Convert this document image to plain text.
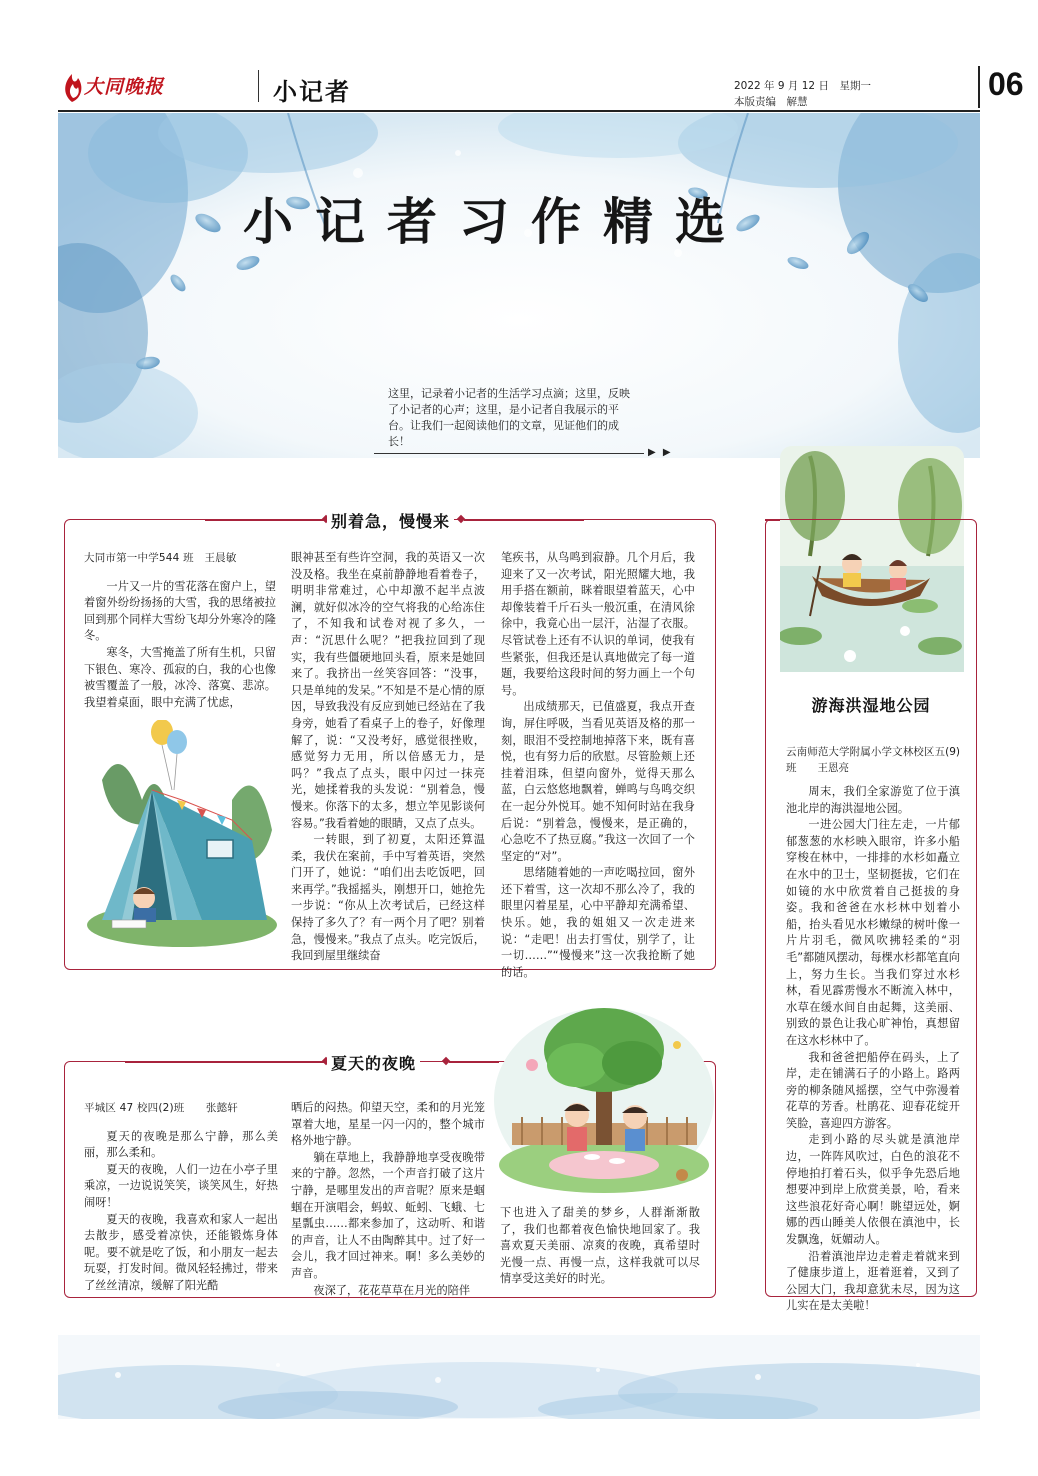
大同晚报	小记者	2022 年 9 月 12 日　星期一
本版责编　解慧	06
小记者习作精选
这里，记录着小记者的生活学习点滴；这里，反映了小记者的心声；这里，是小记者自我展示的平台。让我们一起阅读他们的文章，见证他们的成长！
▶ ▶
别着急，慢慢来
大同市第一中学544 班　王晨敏

一片又一片的雪花落在窗户上，望着窗外纷纷扬扬的大雪，我的思绪被拉回到那个同样大雪纷飞却分外寒冷的隆冬。

寒冬，大雪掩盖了所有生机，只留下银色、寒冷、孤寂的白，我的心也像被雪覆盖了一般，冰冷、落寞、悲凉。我望着桌面，眼中充满了忧虑，

眼神甚至有些许空洞，我的英语又一次没及格。我坐在桌前静静地看着卷子，明明非常难过，心中却激不起半点波澜，就好似冰冷的空气将我的心给冻住了，不知我和试卷对视了多久，一声：“沉思什么呢？”把我拉回到了现实，我有些僵硬地回头看，原来是她回来了。我挤出一丝笑容回答：“没事，只是单纯的发呆。”不知是不是心情的原因，导致我没有反应到她已经站在了我身旁，她看了看桌子上的卷子，好像理解了，说：“又没考好，感觉很挫败，感觉努力无用，所以倍感无力，是吗？”我点了点头，眼中闪过一抹亮光，她揉着我的头发说：“别着急，慢慢来。你落下的太多，想立竿见影谈何容易。”我看着她的眼睛，又点了点头。

一转眼，到了初夏，太阳还算温柔，我伏在案前，手中写着英语，突然门开了，她说：“咱们出去吃饭吧，回来再学。”我摇摇头，刚想开口，她抢先一步说：“你从上次考试后，已经这样保持了多久了？有一两个月了吧？别着急，慢慢来。”我点了点头。吃完饭后，我回到屋里继续奋

笔疾书，从鸟鸣到寂静。几个月后，我迎来了又一次考试，阳光照耀大地，我用手搭在额前，眯着眼望着蓝天，心中却像装着千斤石头一般沉重，在清风徐徐中，我竟心出一层汗，沾湿了衣服。尽管试卷上还有不认识的单词，使我有些紧张，但我还是认真地做完了每一道题，我要给这段时间的努力画上一个句号。

出成绩那天，已值盛夏，我点开查询，屏住呼吸，当看见英语及格的那一刻，眼泪不受控制地掉落下来，既有喜悦，也有努力后的欣慰。尽管脸颊上还挂着泪珠，但望向窗外，觉得天那么蓝，白云悠悠地飘着，蝉鸣与鸟鸣交织在一起分外悦耳。她不知何时站在我身后说：“别着急，慢慢来，是正确的，心急吃不了热豆腐。”我这一次回了一个坚定的“对”。

思绪随着她的一声吃喝拉回，窗外还下着雪，这一次却不那么冷了，我的眼里闪着星星，心中平静却充满希望、快乐。她，我的姐姐又一次走进来说：“走吧！出去打雪仗，别学了，让一切……”“慢慢来”这一次我抢断了她的话。

夏天的夜晚
平城区 47 校四(2)班　　张懿轩

夏天的夜晚是那么宁静，那么美丽，那么柔和。

夏天的夜晚，人们一边在小亭子里乘凉，一边说说笑笑，谈笑风生，好热闹呀！

夏天的夜晚，我喜欢和家人一起出去散步，感受着凉快，还能锻炼身体呢。要不就是吃了饭，和小朋友一起去玩耍，打发时间。微风轻轻拂过，带来了丝丝清凉，缓解了阳光酷

晒后的闷热。仰望天空，柔和的月光笼罩着大地，星星一闪一闪的，整个城市格外地宁静。

躺在草地上，我静静地享受夜晚带来的宁静。忽然，一个声音打破了这片宁静，是哪里发出的声音呢？原来是蝈蝈在开演唱会，蚂蚁、蚯蚓、飞蛾、七星瓢虫……都来参加了，这动听、和谐的声音，让人不由陶醉其中。过了好一会儿，我才回过神来。啊！多么美妙的声音。

夜深了，花花草草在月光的陪伴

下也进入了甜美的梦乡，人群渐渐散了，我们也都着夜色愉快地回家了。我喜欢夏天美丽、凉爽的夜晚，真希望时光慢一点、再慢一点，这样我就可以尽情享受这美好的时光。

游海洪湿地公园
云南师范大学附属小学文林校区五(9)班　　王恩亮

周末，我们全家游览了位于滇池北岸的海洪湿地公园。

一进公园大门往左走，一片郁郁葱葱的水杉映入眼帘，许多小船穿梭在林中，一排排的水杉如矗立在水中的卫士，坚韧挺拔，它们在如镜的水中欣赏着自己挺拔的身姿。我和爸爸在水杉林中划着小船，抬头看见水杉嫩绿的树叶像一片片羽毛，微风吹拂轻柔的“羽毛”都随风摆动，每棵水杉都笔直向上，努力生长。当我们穿过水杉林，看见霹雳慢水不断流入林中，水草在缓水间自由起舞，这美丽、别致的景色让我心旷神怡，真想留在这水杉林中了。

我和爸爸把船停在码头，上了岸，走在铺满石子的小路上。路两旁的柳条随风摇摆，空气中弥漫着花草的芳香。杜鹃花、迎春花绽开笑脸，喜迎四方游客。

走到小路的尽头就是滇池岸边，一阵阵风吹过，白色的浪花不停地拍打着石头，似乎争先恐后地想要冲到岸上欣赏美景，哈，看来这些浪花好奇心啊！眺望远处，婀娜的西山睡美人依偎在滇池中，长发飘逸，妩媚动人。

沿着滇池岸边走着走着就来到了健康步道上，逛着逛着，又到了公园大门，我却意犹未尽，因为这儿实在是太美啦！
